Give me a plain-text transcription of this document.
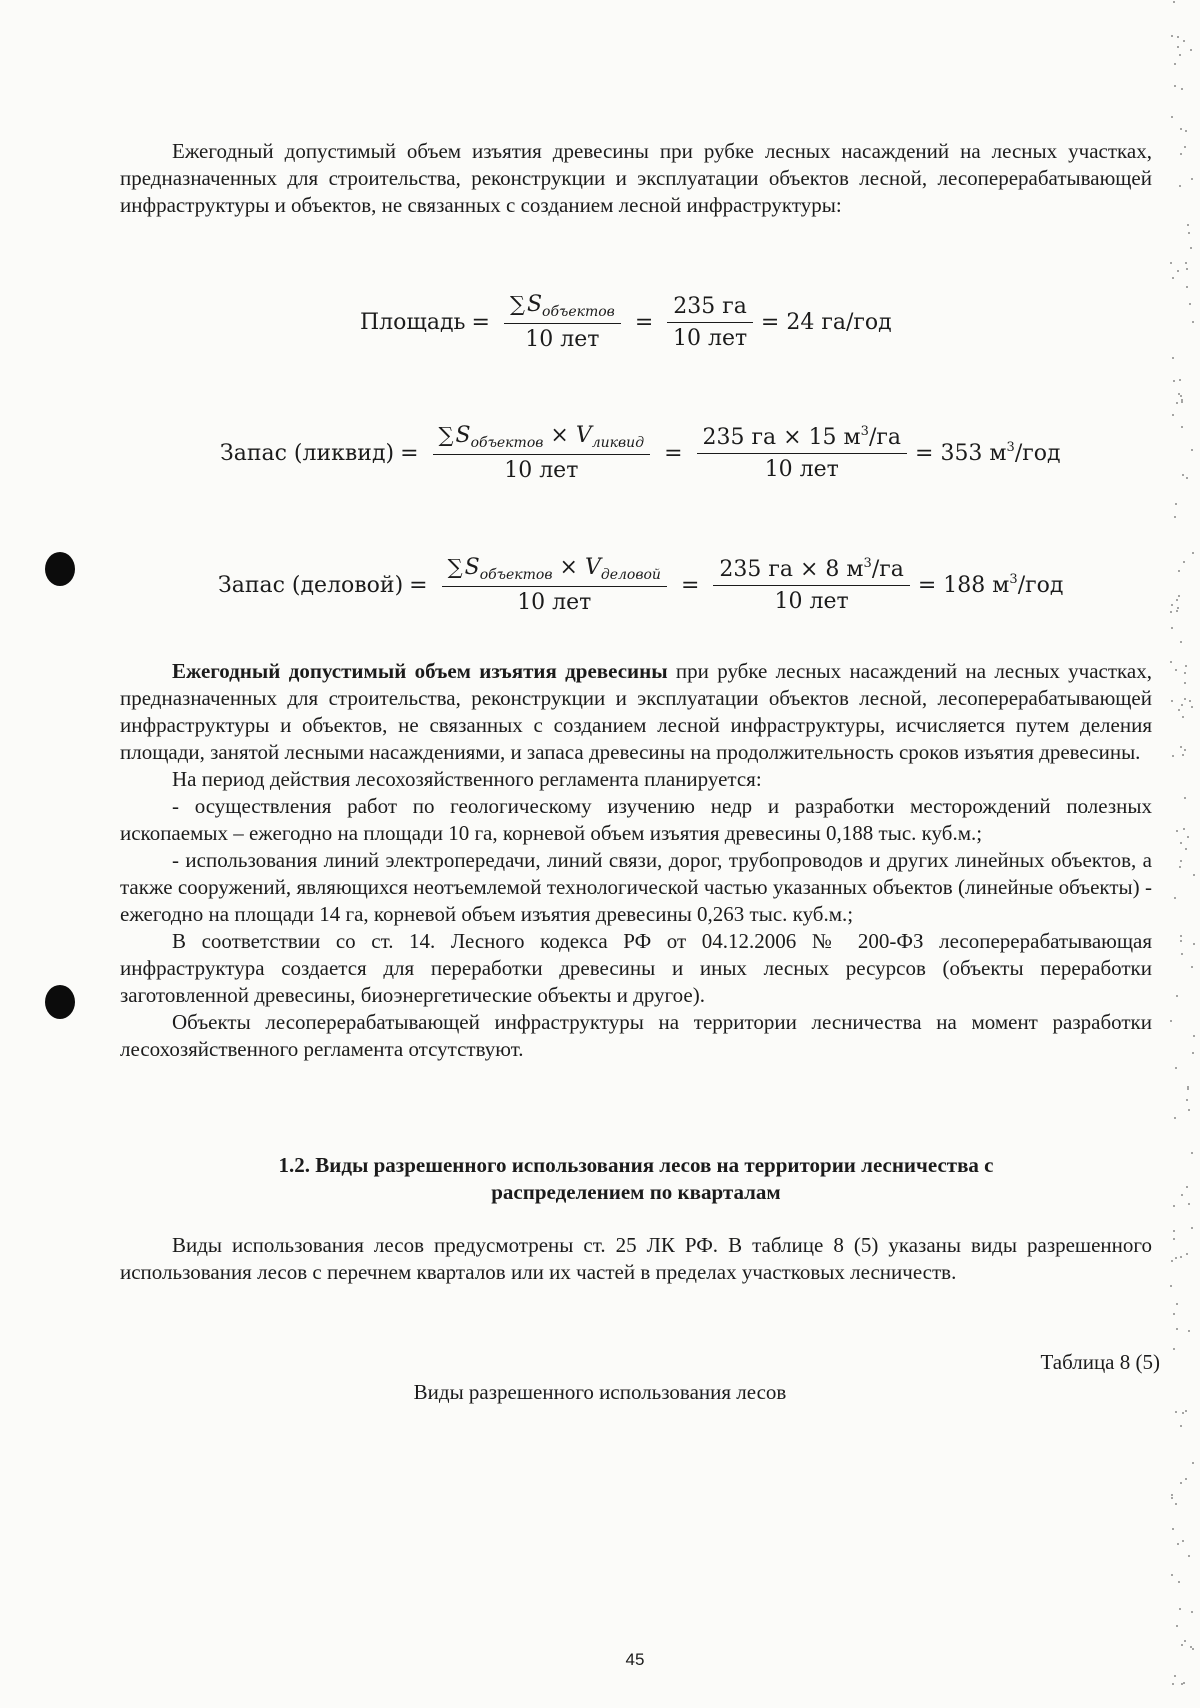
Ежегодный допустимый объем изъятия древесины при рубке лесных насаждений на лесных участках, предназначенных для строительства, реконструкции и эксплуатации объектов лесной, лесоперерабатывающей инфраструктуры и объектов, не связанных с созданием лесной инфраструктуры:
Площадь = $\frac{\sum S_{объектов}}{\text{10 лет}} = \frac{235 га}{\text{10 лет}} = 24$ га/год
Запас (ликвид) = $\frac{\sum S_{объектов} \times V_{ликвид}}{\text{10 лет}} = \frac{235 га \times 15 м^3/га}{\text{10 лет}} = 353$ $м^3$/год
Запас (деловой) = $\frac{\sum S_{объектов} \times V_{деловой}}{\text{10 лет}} = \frac{235 га \times 8 м^3/га}{\text{10 лет}} = 188$ $м^3$/год
Ежегодный допустимый объем изъятия древесины при рубке лесных насаждений на лесных участках, предназначенных для строительства, реконструкции и эксплуатации объектов лесной, лесоперерабатывающей инфраструктуры и объектов, не связанных с созданием лесной инфраструктуры, исчисляется путем деления площади, занятой лесными насаждениями, и запаса древесины на продолжительность сроков изъятия древесины.
На период действия лесохозяйственного регламента планируется:
- осуществления работ по геологическому изучению недр и разработки месторождений полезных ископаемых – ежегодно на площади 10 га, корневой объем изъятия древесины 0,188 тыс. куб.м.;
- использования линий электропередачи, линий связи, дорог, трубопроводов и других линейных объектов, а также сооружений, являющихся неотъемлемой технологической частью указанных объектов (линейные объекты) - ежегодно на площади 14 га, корневой объем изъятия древесины 0,263 тыс. куб.м.;
В соответствии со ст. 14. Лесного кодекса РФ от 04.12.2006 № 200-ФЗ лесоперерабатывающая инфраструктура создается для переработки древесины и иных лесных ресурсов (объекты переработки заготовленной древесины, биоэнергетические объекты и другое).
Объекты лесоперерабатывающей инфраструктуры на территории лесничества на момент разработки лесохозяйственного регламента отсутствуют.
1.2. Виды разрешенного использования лесов на территории лесничества с
распределением по кварталам
Виды использования лесов предусмотрены ст. 25 ЛК РФ. В таблице 8 (5) указаны виды разрешенного использования лесов с перечнем кварталов или их частей в пределах участковых лесничеств.
Таблица 8 (5)
Виды разрешенного использования лесов
45
